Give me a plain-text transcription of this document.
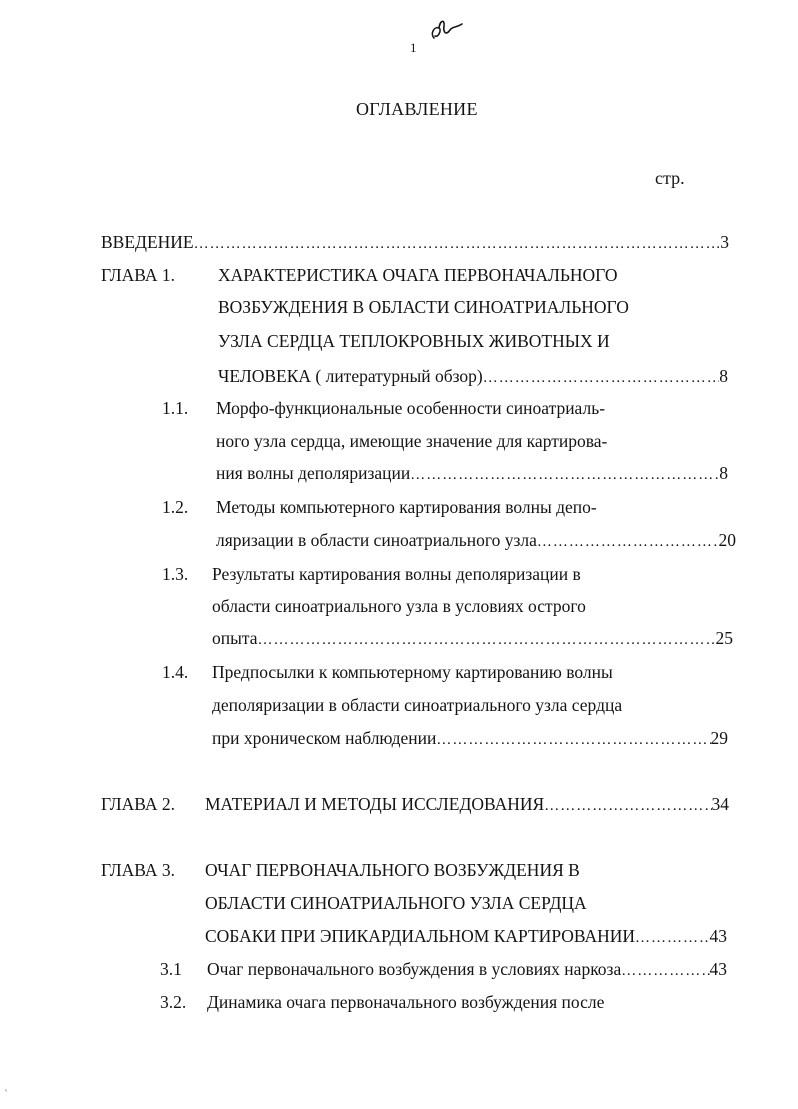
1
ОГЛАВЛЕНИЕ
стр.
ВВЕДЕНИЕ ……………………………………………………………………………………………………………………………………………………………………………	3
ГЛАВА 1. ХАРАКТЕРИСТИКА ОЧАГА ПЕРВОНАЧАЛЬНОГО
ВОЗБУЖДЕНИЯ В ОБЛАСТИ СИНОАТРИАЛЬНОГО
УЗЛА СЕРДЦА ТЕПЛОКРОВНЫХ ЖИВОТНЫХ И
ЧЕЛОВЕКА ( литературный обзор) ……………………………………………………………………………………………………………………………………………………………………………	8
1.1. Морфо-функциональные особенности синоатриаль-
ного узла сердца, имеющие значение для картирова-
ния волны деполяризации ……………………………………………………………………………………………………………………………………………………………………………	8
1.2. Методы компьютерного картирования волны депо-
ляризации в области синоатриального узла ……………………………………………………………………………………………………………………………………………………………………………	20
1.3. Результаты картирования волны деполяризации в
области синоатриального узла в условиях острого
опыта ……………………………………………………………………………………………………………………………………………………………………………	25
1.4. Предпосылки к компьютерному картированию волны
деполяризации в области синоатриального узла сердца
при хроническом наблюдении ……………………………………………………………………………………………………………………………………………………………………………	29
ГЛАВА 2. МАТЕРИАЛ И МЕТОДЫ ИССЛЕДОВАНИЯ ……………………………………………………………………………………………………………………………………………………………………………	34
ГЛАВА 3. ОЧАГ ПЕРВОНАЧАЛЬНОГО ВОЗБУЖДЕНИЯ В
ОБЛАСТИ СИНОАТРИАЛЬНОГО УЗЛА СЕРДЦА
СОБАКИ ПРИ ЭПИКАРДИАЛЬНОМ КАРТИРОВАНИИ ……………………………………………………………………………………………………………………………………………………………………………	43
3.1 Очаг первоначального возбуждения в условиях наркоза ……………………………………………………………………………………………………………………………………………………………………………	43
3.2. Динамика очага первоначального возбуждения после
՝
